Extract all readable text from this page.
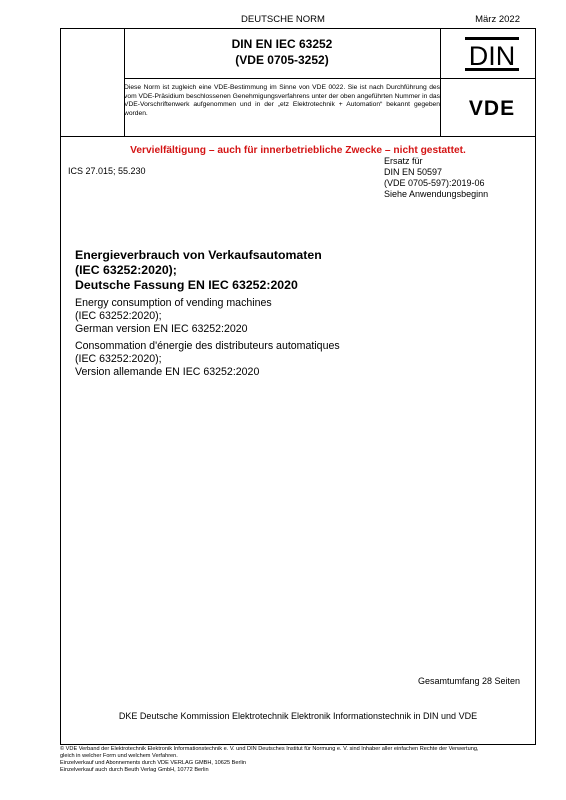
DEUTSCHE NORM	März 2022
DIN EN IEC 63252
(VDE 0705-3252)	DIN
VDE
Diese Norm ist zugleich eine VDE-Bestimmung im Sinne von VDE 0022. Sie ist nach Durchführung des vom VDE-Präsidium beschlossenen Genehmigungsverfahrens unter der oben angeführten Nummer in das VDE-Vorschriftenwerk aufgenommen und in der „etz Elektrotechnik + Automation“ bekannt gegeben worden.
Vervielfältigung – auch für innerbetriebliche Zwecke – nicht gestattet.
ICS 27.015; 55.230
Ersatz für
DIN EN 50597
(VDE 0705-597):2019-06
Siehe Anwendungsbeginn
Energieverbrauch von Verkaufsautomaten
(IEC 63252:2020);
Deutsche Fassung EN IEC 63252:2020
Energy consumption of vending machines
(IEC 63252:2020);
German version EN IEC 63252:2020
Consommation d'énergie des distributeurs automatiques
(IEC 63252:2020);
Version allemande EN IEC 63252:2020
Gesamtumfang 28 Seiten
DKE Deutsche Kommission Elektrotechnik Elektronik Informationstechnik in DIN und VDE
© VDE Verband der Elektrotechnik Elektronik Informationstechnik e. V. und DIN Deutsches Institut für Normung e. V. sind Inhaber aller einfachen Rechte der Verwertung,
gleich in welcher Form und welchem Verfahren.
Einzelverkauf und Abonnements durch VDE VERLAG GMBH, 10625 Berlin
Einzelverkauf auch durch Beuth Verlag GmbH, 10772 Berlin
